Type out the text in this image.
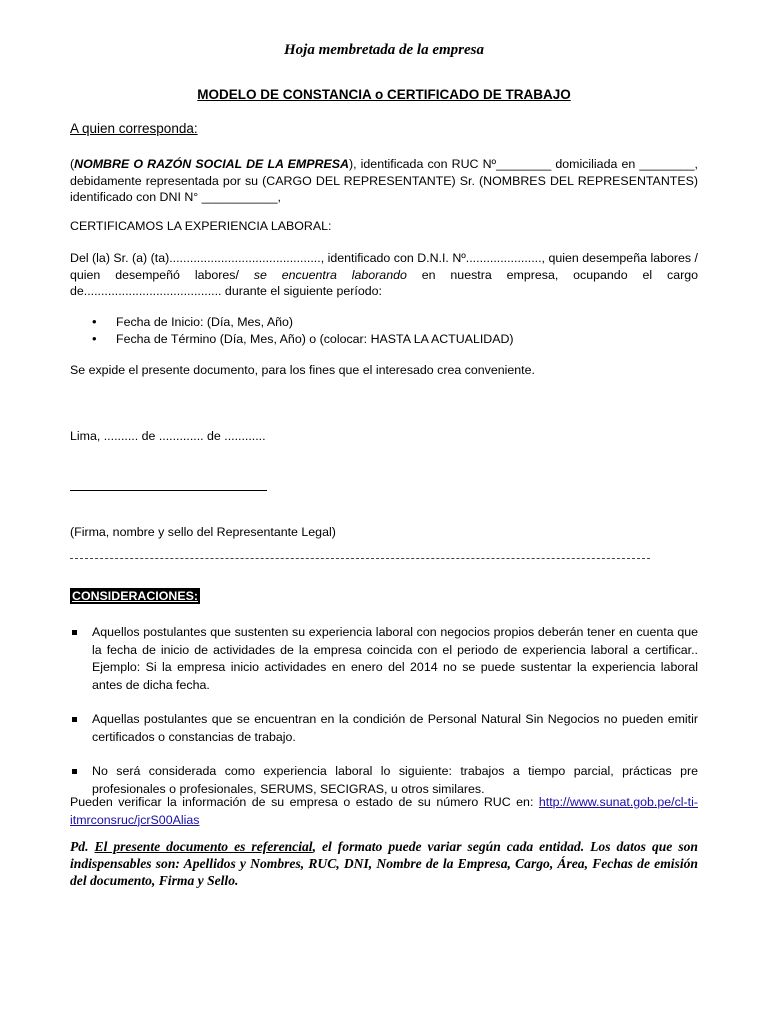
Hoja membretada de la empresa
MODELO DE CONSTANCIA o CERTIFICADO DE TRABAJO
A quien corresponda:
(NOMBRE O RAZÓN SOCIAL DE LA EMPRESA), identificada con RUC Nº________ domiciliada en ________, debidamente representada por su (CARGO DEL REPRESENTANTE) Sr. (NOMBRES DEL REPRESENTANTES) identificado con DNI N° ___________,
CERTIFICAMOS LA EXPERIENCIA LABORAL:
Del (la) Sr. (a) (ta)............................................, identificado con D.N.I. Nº......................, quien desempeña labores / quien desempeñó labores/ se encuentra laborando en nuestra empresa, ocupando el cargo de........................................ durante el siguiente período:
• Fecha de Inicio: (Día, Mes, Año)
• Fecha de Término (Día, Mes, Año) o (colocar: HASTA LA ACTUALIDAD)
Se expide el presente documento, para los fines que el interesado crea conveniente.
Lima, .......... de ............. de ............
(Firma, nombre y sello del Representante Legal)
CONSIDERACIONES:
Aquellos postulantes que sustenten su experiencia laboral con negocios propios deberán tener en cuenta que la fecha de inicio de actividades de la empresa coincida con el periodo de experiencia laboral a certificar.. Ejemplo: Si la empresa inicio actividades en enero del 2014 no se puede sustentar la experiencia laboral antes de dicha fecha.
Aquellas postulantes que se encuentran en la condición de Personal Natural Sin Negocios no pueden emitir certificados o constancias de trabajo.
No será considerada como experiencia laboral lo siguiente: trabajos a tiempo parcial, prácticas pre profesionales o profesionales, SERUMS, SECIGRAS, u otros similares.
Pueden verificar la información de su empresa o estado de su número RUC en: http://www.sunat.gob.pe/cl-ti-itmrconsruc/jcrS00Alias
Pd. El presente documento es referencial, el formato puede variar según cada entidad. Los datos que son indispensables son: Apellidos y Nombres, RUC, DNI, Nombre de la Empresa, Cargo, Área, Fechas de emisión del documento, Firma y Sello.
